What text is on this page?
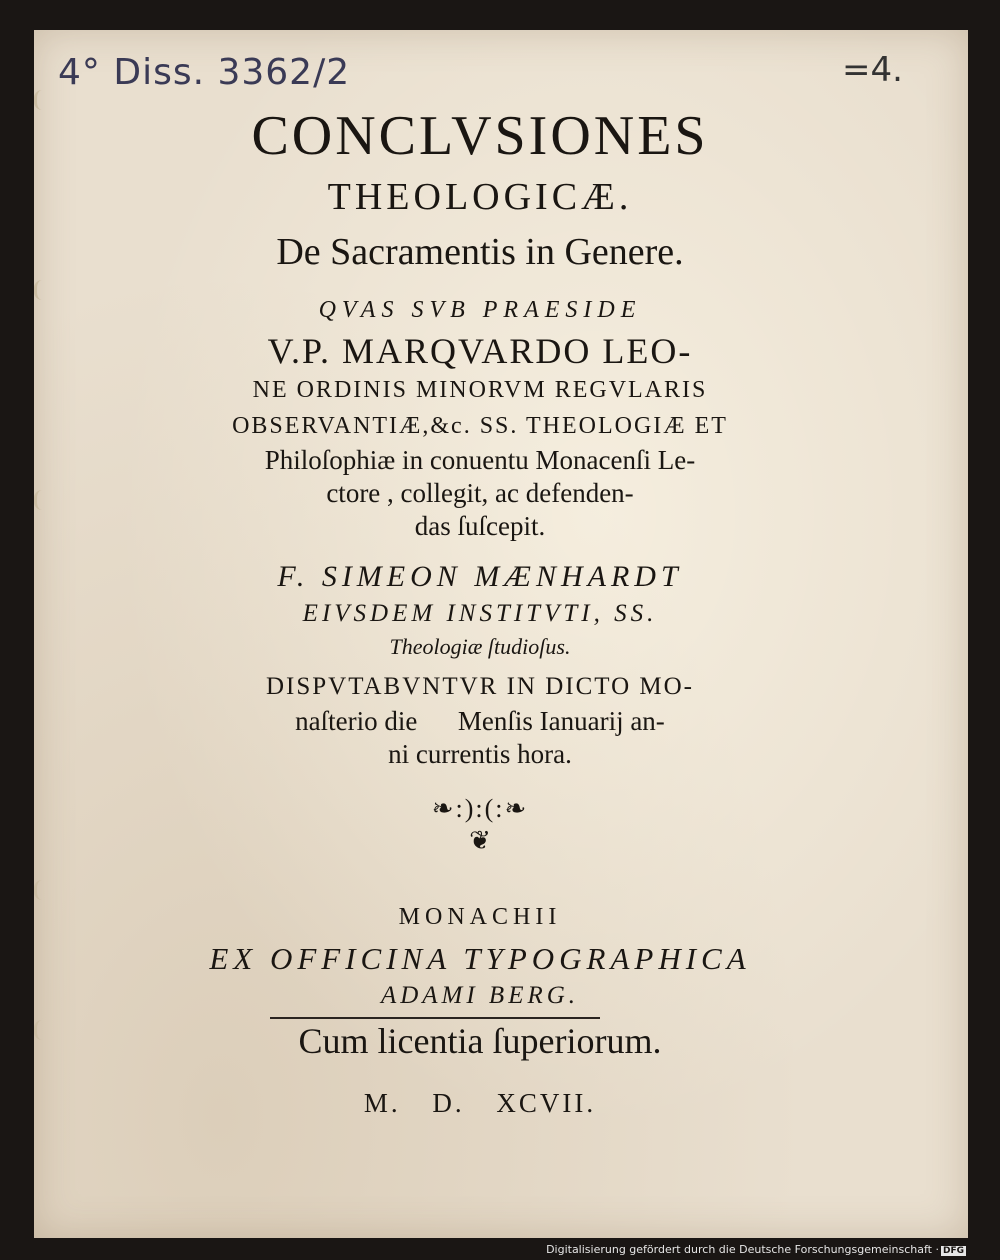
4° Diss. 3362/2	=4.
CONCLVSIONES
THEOLOGICÆ.
De Sacramentis in Genere.
QVAS SVB PRAESIDE
V.P. MARQVARDO LEO-
NE ORDINIS MINORVM REGVLARIS
OBSERVANTIÆ,&c. SS. THEOLOGIÆ ET
Philoſophiæ in conuentu Monacenſi Le-
ctore , collegit, ac defenden-
das ſuſcepit.
F. SIMEON MÆNHARDT
EIVSDEM INSTITVTI, SS.
Theologiæ ſtudioſus.
DISPVTABVNTVR IN DICTO MO-
naſterio die      Menſis Ianuarij an-
ni currentis hora.
❧:):(:❧
❦
MONACHII
EX OFFICINA TYPOGRAPHICA
ADAMI BERG.
Cum licentia ſuperiorum.
M. D. XCVII.
Digitalisierung gefördert durch die Deutsche Forschungsgemeinschaft · DFG
